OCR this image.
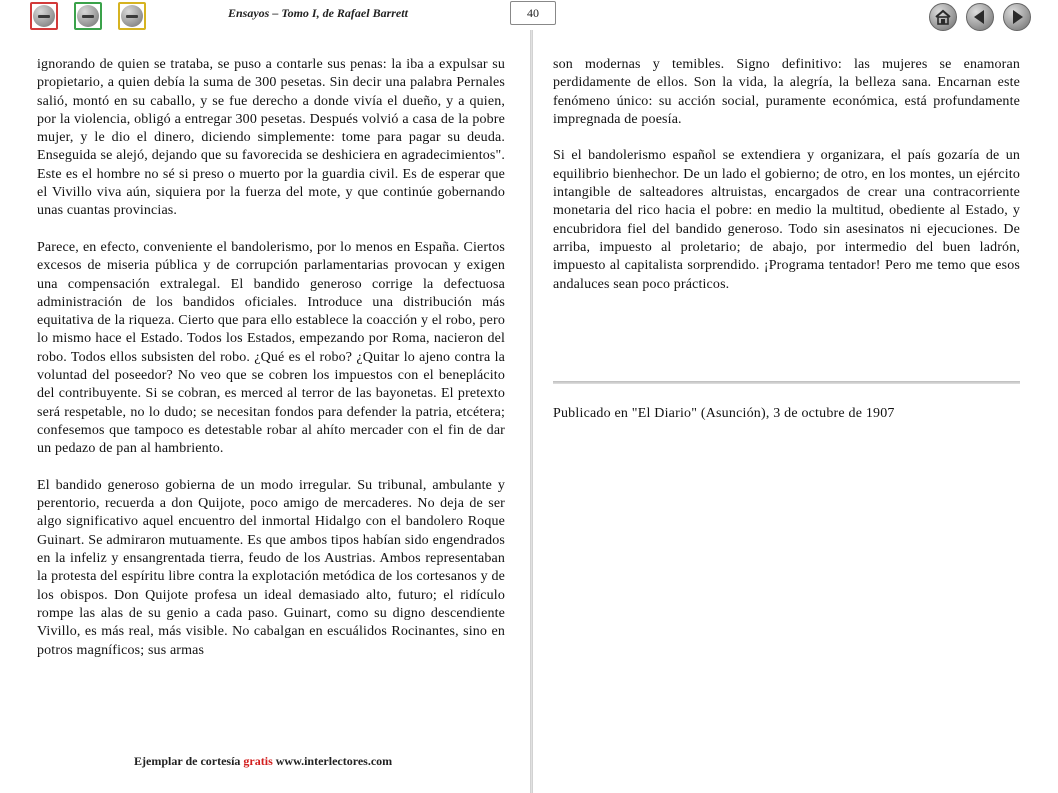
Ensayos – Tomo I, de Rafael Barrett	40

ignorando de quien se trataba, se puso a contarle sus penas: la iba a expulsar su propietario, a quien debía la suma de 300 pesetas. Sin decir una palabra Pernales salió, montó en su caballo, y se fue derecho a donde vivía el dueño, y a quien, por la violencia, obligó a entregar 300 pesetas. Después volvió a casa de la pobre mujer, y le dio el dinero, diciendo simplemente: tome para pagar su deuda. Enseguida se alejó, dejando que su favorecida se deshiciera en agradecimientos". Este es el hombre no sé si preso o muerto por la guardia civil. Es de esperar que el Vivillo viva aún, siquiera por la fuerza del mote, y que continúe gobernando unas cuantas provincias.

Parece, en efecto, conveniente el bandolerismo, por lo menos en España. Ciertos excesos de miseria pública y de corrupción parlamentarias provocan y exigen una compensación extralegal. El bandido generoso corrige la defectuosa administración de los bandidos oficiales. Introduce una distribución más equitativa de la riqueza. Cierto que para ello establece la coacción y el robo, pero lo mismo hace el Estado. Todos los Estados, empezando por Roma, nacieron del robo. Todos ellos subsisten del robo. ¿Qué es el robo? ¿Quitar lo ajeno contra la voluntad del poseedor? No veo que se cobren los impuestos con el beneplácito del contribuyente. Si se cobran, es merced al terror de las bayonetas. El pretexto será respetable, no lo dudo; se necesitan fondos para defender la patria, etcétera; confesemos que tampoco es detestable robar al ahíto mercader con el fin de dar un pedazo de pan al hambriento.

El bandido generoso gobierna de un modo irregular. Su tribunal, ambulante y perentorio, recuerda a don Quijote, poco amigo de mercaderes. No deja de ser algo significativo aquel encuentro del inmortal Hidalgo con el bandolero Roque Guinart. Se admiraron mutuamente. Es que ambos tipos habían sido engendrados en la infeliz y ensangrentada tierra, feudo de los Austrias. Ambos representaban la protesta del espíritu libre contra la explotación metódica de los cortesanos y de los obispos. Don Quijote profesa un ideal demasiado alto, futuro; el ridículo rompe las alas de su genio a cada paso. Guinart, como su digno descendiente Vivillo, es más real, más visible. No cabalgan en escuálidos Rocinantes, sino en potros magníficos; sus armas

son modernas y temibles. Signo definitivo: las mujeres se enamoran perdidamente de ellos. Son la vida, la alegría, la belleza sana. Encarnan este fenómeno único: su acción social, puramente económica, está profundamente impregnada de poesía.

Si el bandolerismo español se extendiera y organizara, el país gozaría de un equilibrio bienhechor. De un lado el gobierno; de otro, en los montes, un ejército intangible de salteadores altruistas, encargados de crear una contracorriente monetaria del rico hacia el pobre: en medio la multitud, obediente al Estado, y encubridora fiel del bandido generoso. Todo sin asesinatos ni ejecuciones. De arriba, impuesto al proletario; de abajo, por intermedio del buen ladrón, impuesto al capitalista sorprendido. ¡Programa tentador! Pero me temo que esos andaluces sean poco prácticos.

Publicado en "El Diario" (Asunción), 3 de octubre de 1907
Ejemplar de cortesía gratis www.interlectores.com
